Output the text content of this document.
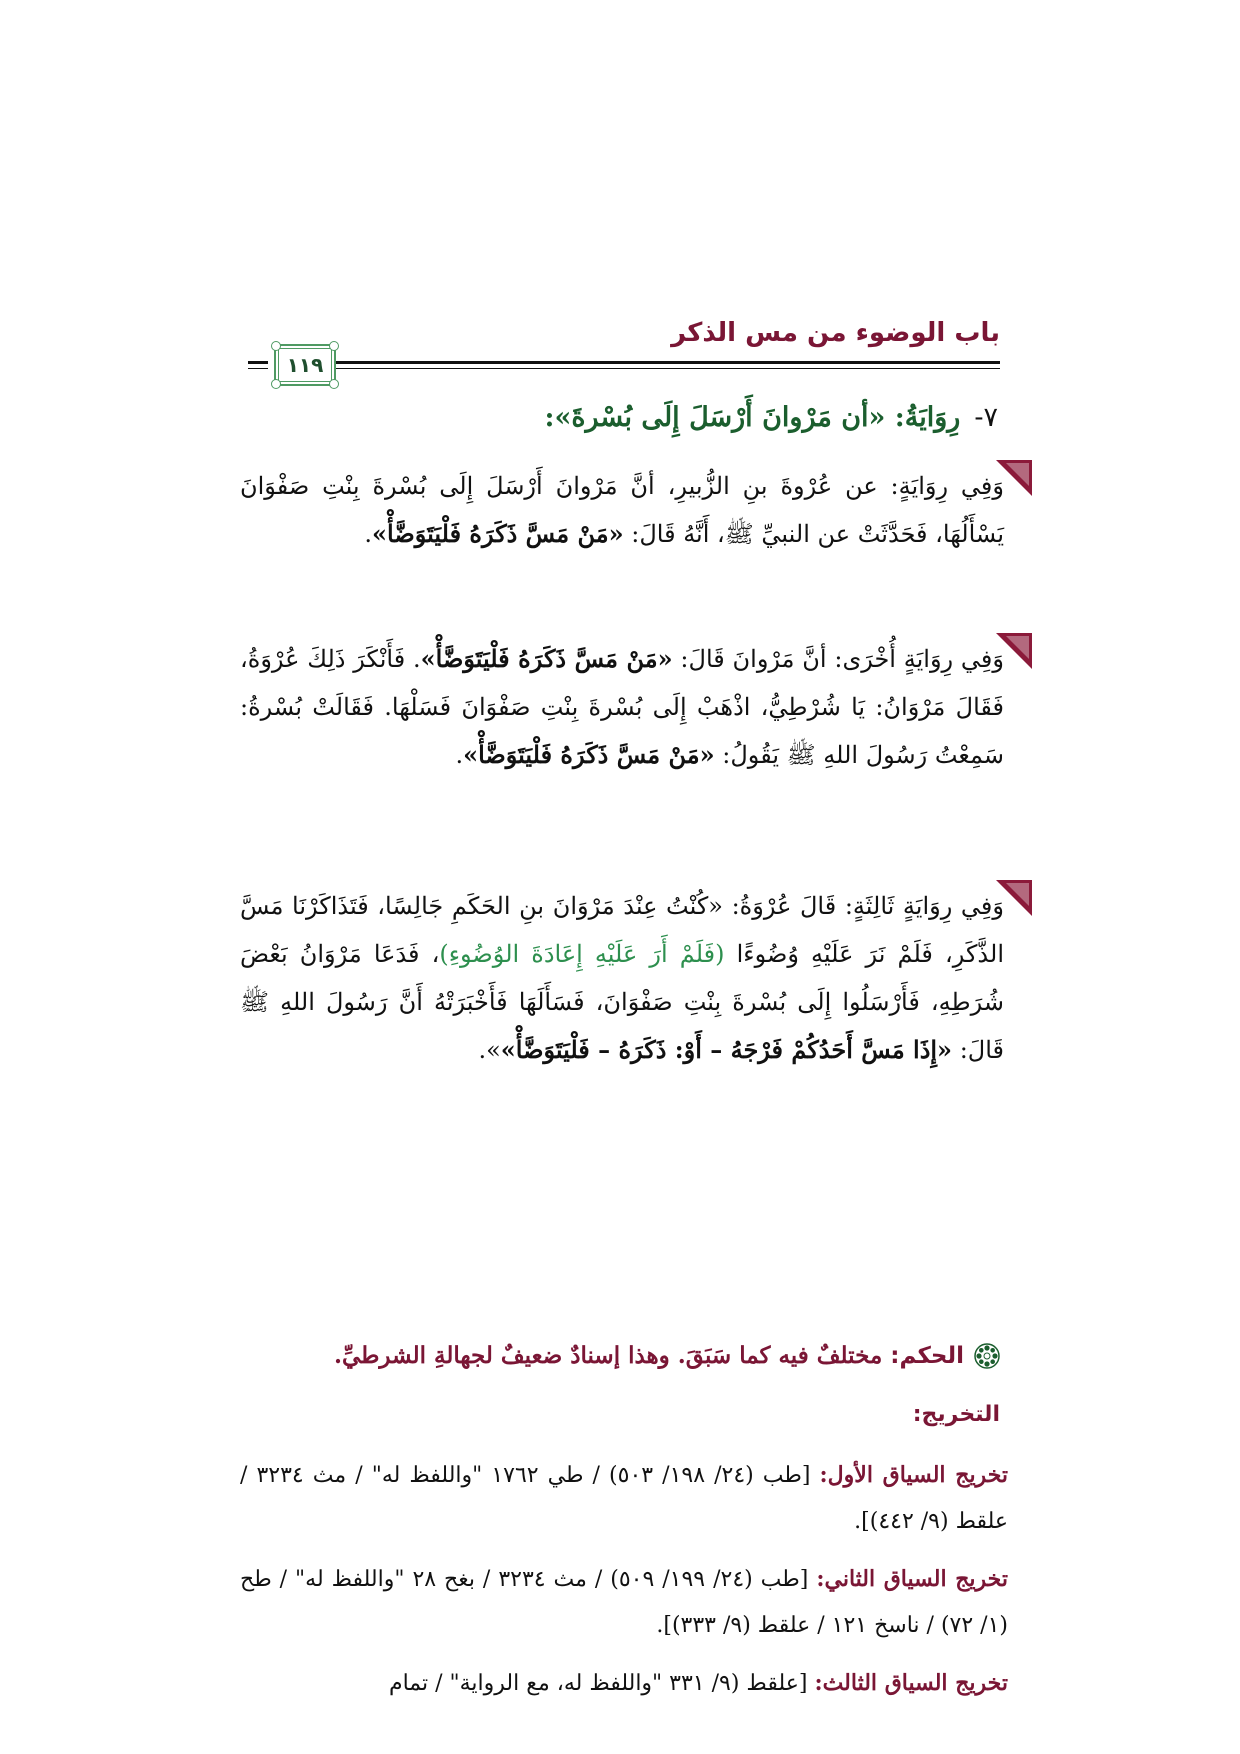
باب الوضوء من مس الذكر
١١٩
٧-رِوَايَةُ: «أن مَرْوانَ أَرْسَلَ إِلَى بُسْرةَ»:

وَفِي رِوَايَةٍ: عن عُرْوةَ بنِ الزُّبيرِ، أنَّ مَرْوانَ أَرْسَلَ إِلَى بُسْرةَ بِنْتِ صَفْوَانَ يَسْأَلُهَا، فَحَدَّثَتْ عن النبيِّ ﷺ، أَنَّهُ قَالَ: «مَنْ مَسَّ ذَكَرَهُ فَلْيَتَوَضَّأْ».

وَفِي رِوَايَةٍ أُخْرَى: أنَّ مَرْوانَ قَالَ: «مَنْ مَسَّ ذَكَرَهُ فَلْيَتَوَضَّأْ». فَأَنْكَرَ ذَلِكَ عُرْوَةُ، فَقَالَ مَرْوَانُ: يَا شُرْطِيُّ، اذْهَبْ إِلَى بُسْرةَ بِنْتِ صَفْوَانَ فَسَلْهَا. فَقَالَتْ بُسْرةُ: سَمِعْتُ رَسُولَ اللهِ ﷺ يَقُولُ: «مَنْ مَسَّ ذَكَرَهُ فَلْيَتَوَضَّأْ».

وَفِي رِوَايَةٍ ثَالِثَةٍ: قَالَ عُرْوَةُ: «كُنْتُ عِنْدَ مَرْوَانَ بنِ الحَكَمِ جَالِسًا، فَتَذَاكَرْنَا مَسَّ الذَّكَرِ، فَلَمْ نَرَ عَلَيْهِ وُضُوءًا (فَلَمْ أَرَ عَلَيْهِ إِعَادَةَ الوُضُوءِ)، فَدَعَا مَرْوَانُ بَعْضَ شُرَطِهِ، فَأَرْسَلُوا إِلَى بُسْرةَ بِنْتِ صَفْوَانَ، فَسَأَلَهَا فَأَخْبَرَتْهُ أَنَّ رَسُولَ اللهِ ﷺ قَالَ: «إِذَا مَسَّ أَحَدُكُمْ فَرْجَهُ – أَوْ: ذَكَرَهُ – فَلْيَتَوَضَّأْ»».

الحكم: مختلفٌ فيه كما سَبَقَ. وهذا إسنادٌ ضعيفٌ لجهالةِ الشرطيِّ.
التخريج:

تخريج السياق الأول: [طب (٢٤/ ١٩٨/ ٥٠٣) / طي ١٧٦٢ "واللفظ له" / مث ٣٢٣٤ / علقط (٩/ ٤٤٢)].

تخريج السياق الثاني: [طب (٢٤/ ١٩٩/ ٥٠٩) / مث ٣٢٣٤ / بغح ٢٨ "واللفظ له" / طح (١/ ٧٢) / ناسخ ١٢١ / علقط (٩/ ٣٣٣)].

تخريج السياق الثالث: [علقط (٩/ ٣٣١ "واللفظ له، مع الرواية" / تمام
